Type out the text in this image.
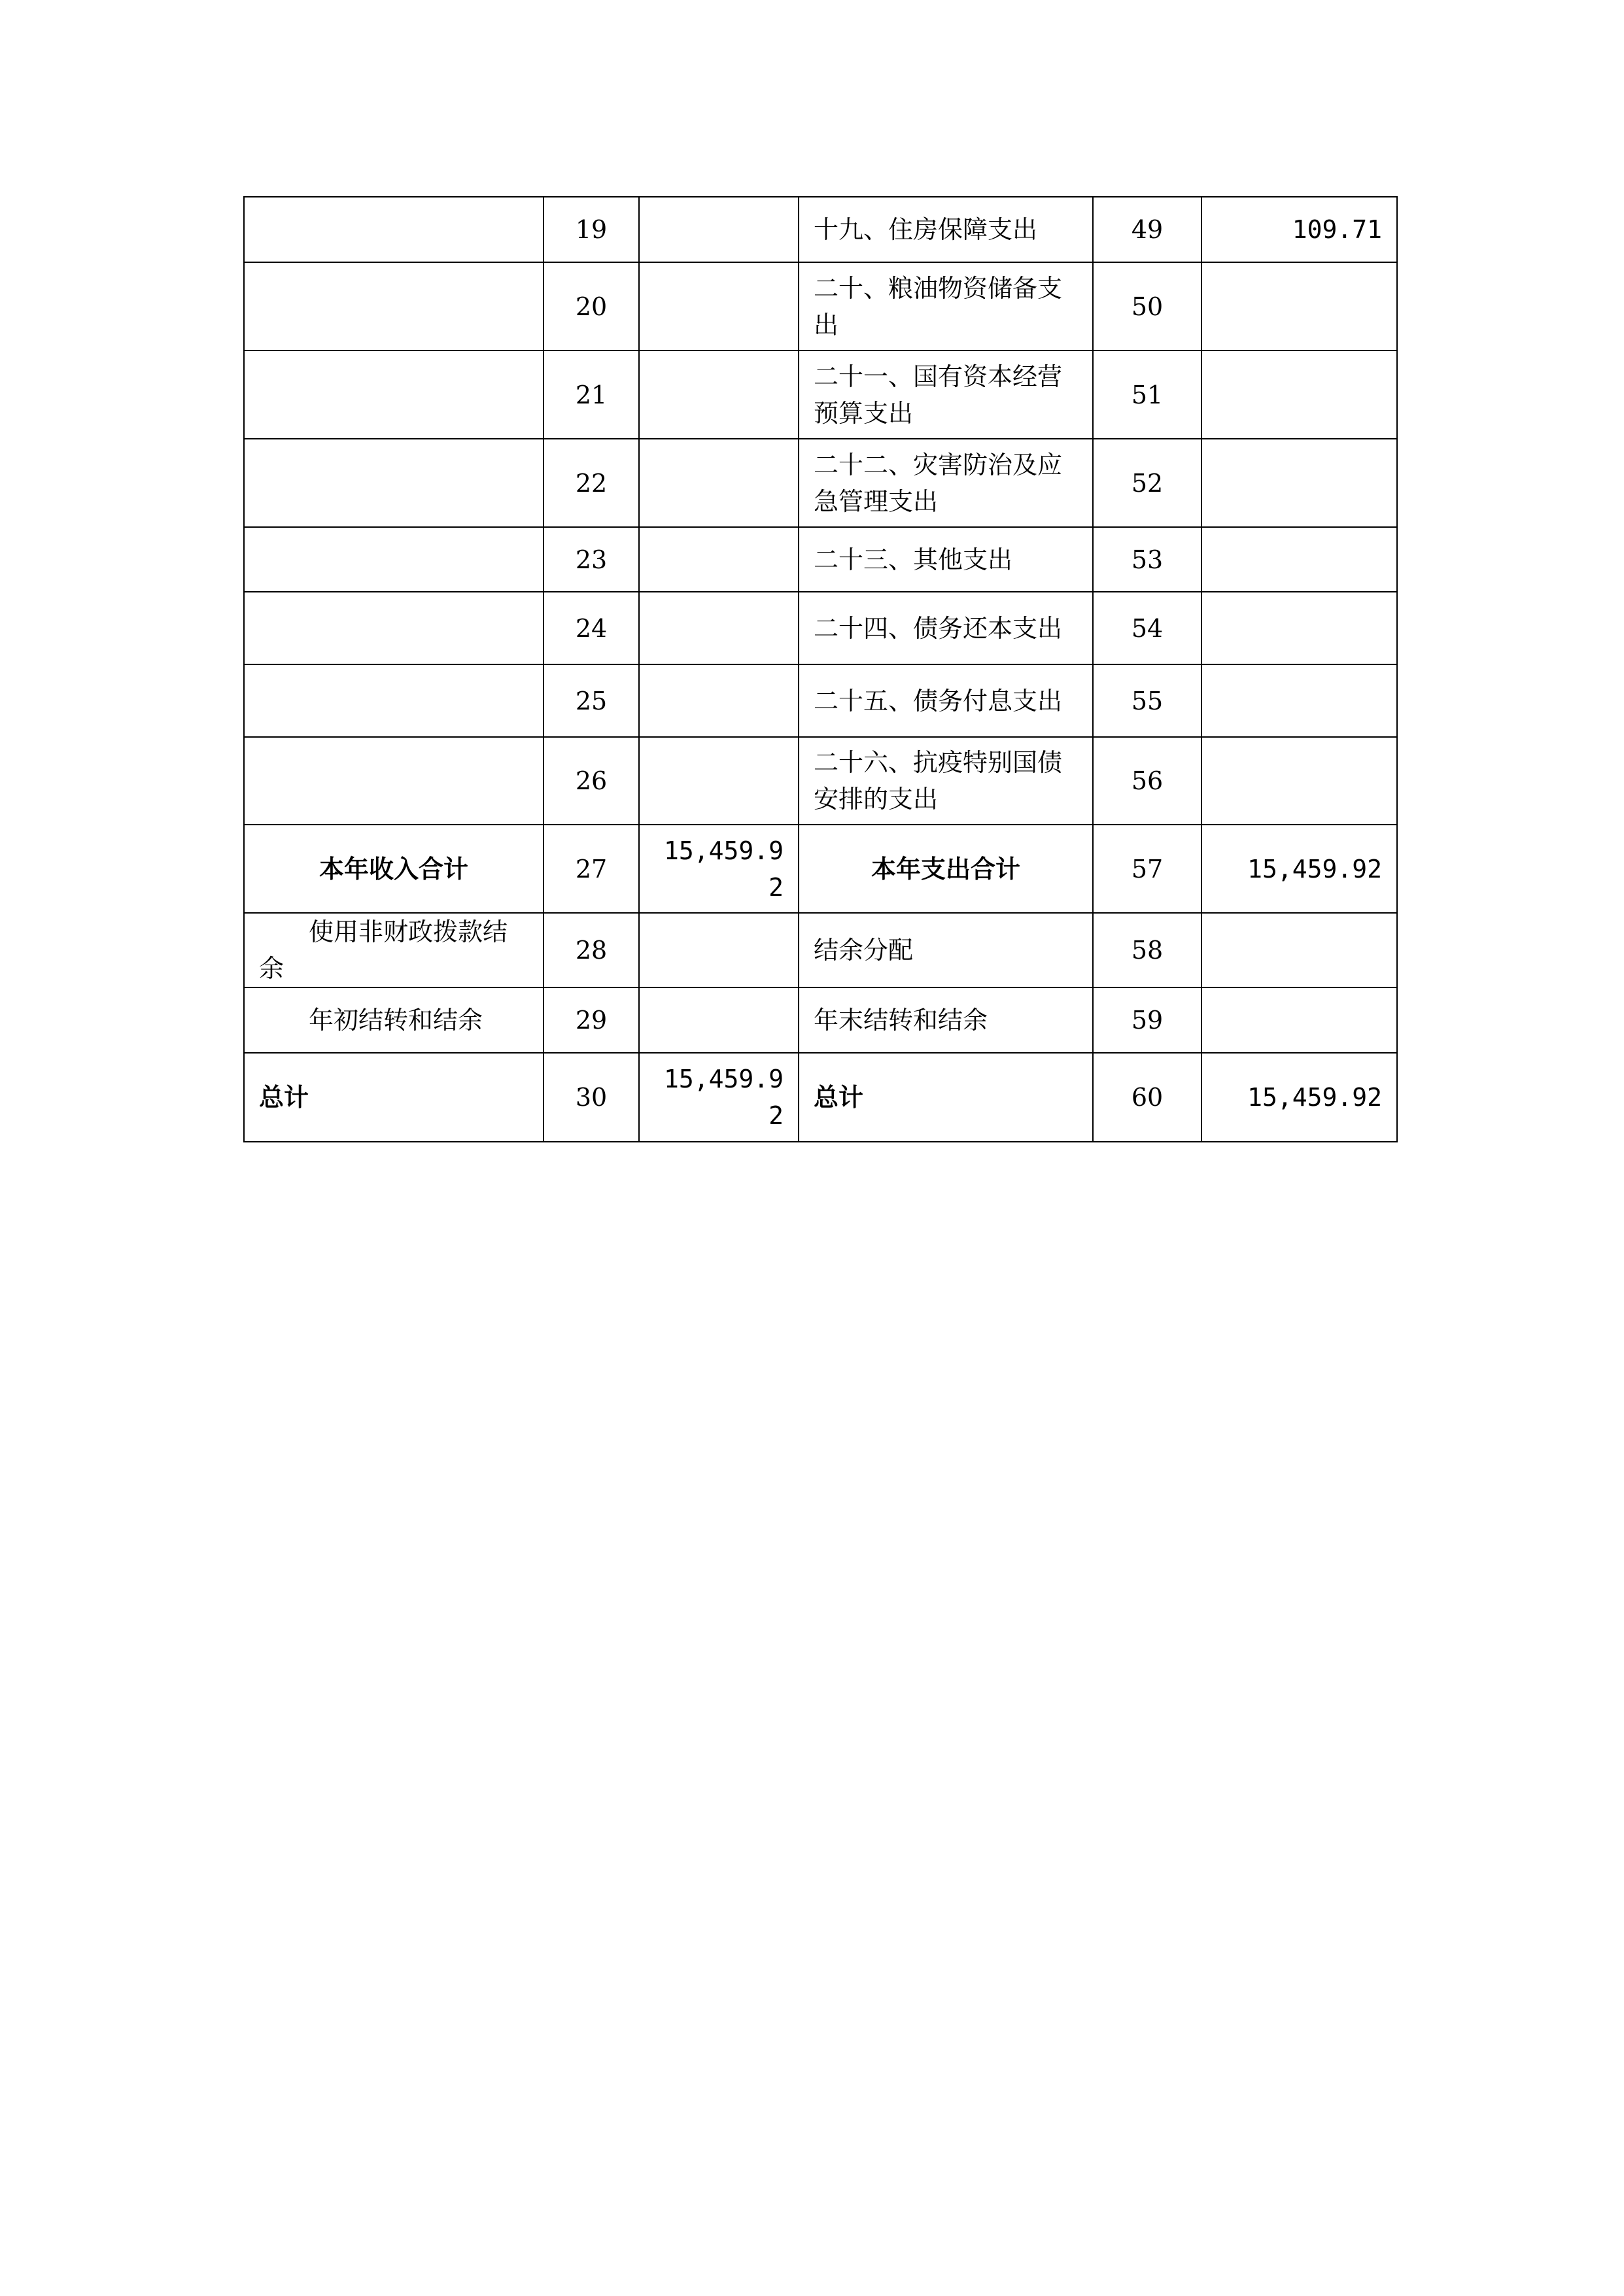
	19		十九、住房保障支出	49	109.71
	20		二十、粮油物资储备支出	50	
	21		二十一、国有资本经营预算支出	51	
	22		二十二、灾害防治及应急管理支出	52	
	23		二十三、其他支出	53	
	24		二十四、债务还本支出	54	
	25		二十五、债务付息支出	55	
	26		二十六、抗疫特别国债安排的支出	56	
本年收入合计	27	15,459.92	本年支出合计	57	15,459.92
使用非财政拨款结余	28		结余分配	58	
年初结转和结余	29		年末结转和结余	59	
总计	30	15,459.92	总计	60	15,459.92
